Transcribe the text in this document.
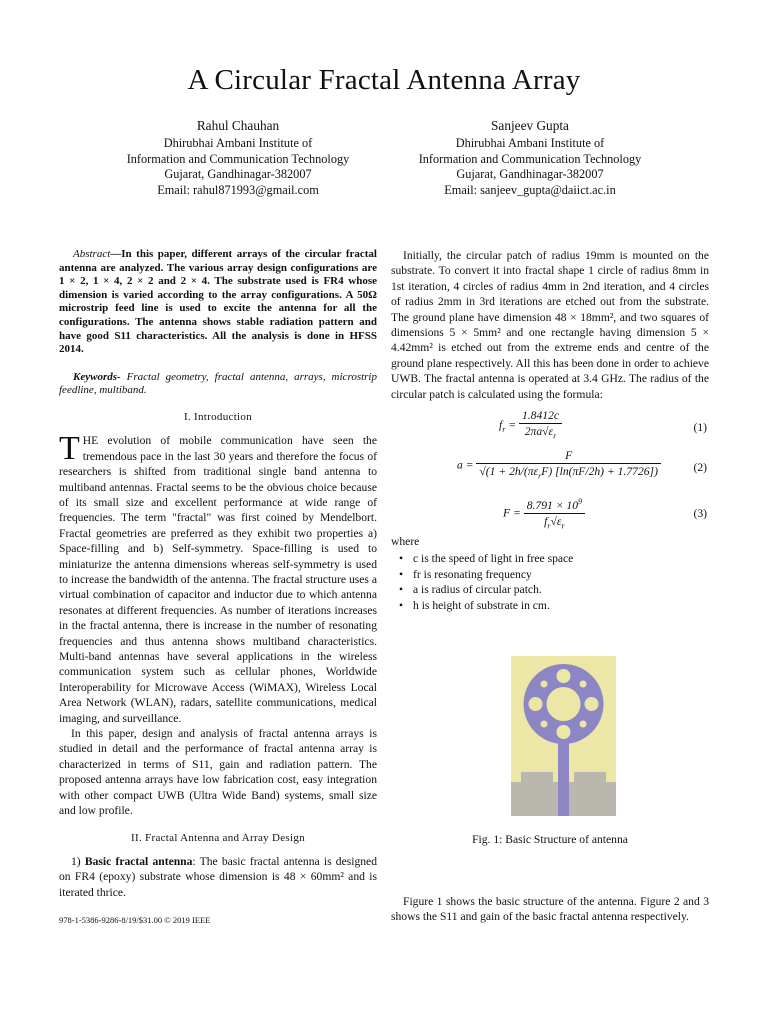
A Circular Fractal Antenna Array
Rahul Chauhan
Dhirubhai Ambani Institute of
Information and Communication Technology
Gujarat, Gandhinagar-382007
Email: rahul871993@gmail.com
Sanjeev Gupta
Dhirubhai Ambani Institute of
Information and Communication Technology
Gujarat, Gandhinagar-382007
Email: sanjeev_gupta@daiict.ac.in

Abstract—In this paper, different arrays of the circular fractal antenna are analyzed. The various array design configurations are 1 × 2, 1 × 4, 2 × 2 and 2 × 4. The substrate used is FR4 whose dimension is varied according to the array configurations. A 50Ω microstrip feed line is used to excite the antenna for all the configurations. The antenna shows stable radiation pattern and have good S11 characteristics. All the analysis is done in HFSS 2014.

Keywords- Fractal geometry, fractal antenna, arrays, microstrip feedline, multiband.

I. Introduction

THE evolution of mobile communication have seen the tremendous pace in the last 30 years and therefore the focus of researchers is shifted from traditional single band antenna to multiband antennas. Fractal seems to be the obvious choice because of its small size and excellent performance at wide range of frequencies. The term "fractal" was first coined by Mendelbort. Fractal geometries are preferred as they exhibit two properties a) Space-filling and b) Self-symmetry. Space-filling is used to miniaturize the antenna dimensions whereas self-symmetry is used to increase the bandwidth of the antenna. The fractal structure uses a virtual combination of capacitor and inductor due to which antenna resonates at different frequencies. As number of iterations increases in the fractal antenna, there is increase in the number of resonating frequencies and thus antenna shows multiband characteristics. Multi-band antennas have several applications in the wireless communication system such as cellular phones, Worldwide Interoperability for Microwave Access (WiMAX), Wireless Local Area Network (WLAN), radars, satellite communications, medical imaging, and surveillance.

In this paper, design and analysis of fractal antenna arrays is studied in detail and the performance of fractal antenna array is characterized in terms of S11, gain and radiation pattern. The proposed antenna arrays have low fabrication cost, easy integration with other compact UWB (Ultra Wide Band) systems, small size and low profile.

II. Fractal Antenna and Array Design

1) Basic fractal antenna: The basic fractal antenna is designed on FR4 (epoxy) substrate whose dimension is 48 × 60mm² and is iterated thrice.

978-1-5386-9286-8/19/$31.00 © 2019 IEEE

Initially, the circular patch of radius 19mm is mounted on the substrate. To convert it into fractal shape 1 circle of radius 8mm in 1st iteration, 4 circles of radius 4mm in 2nd iteration, and 4 circles of radius 2mm in 3rd iterations are etched out from the substrate. The ground plane have dimension 48 × 18mm², and two squares of dimensions 5 × 5mm² and one rectangle having dimension 5 × 4.42mm² is etched out from the extreme ends and centre of the ground plane respectively. All this has been done in order to achieve UWB. The fractal antenna is operated at 3.4 GHz. The radius of the circular patch is calculated using the formula:

$f_r = \frac{1.8412c}{2\pi a√\varepsilon_r}$	(1)
$a = \frac{F}{√(1 + 2h/(\pi\varepsilon_rF) [\ln(\pi F/2h) + 1.7726])}$	(2)
$F = \frac{8.791 \times 10^9}{f_r√\varepsilon_r}$	(3)
where
• c is the speed of light in free space
• fr is resonating frequency
• a is radius of circular patch.
• h is height of substrate in cm.
Fig. 1: Basic Structure of antenna

Figure 1 shows the basic structure of the antenna. Figure 2 and 3 shows the S11 and gain of the basic fractal antenna respectively.
